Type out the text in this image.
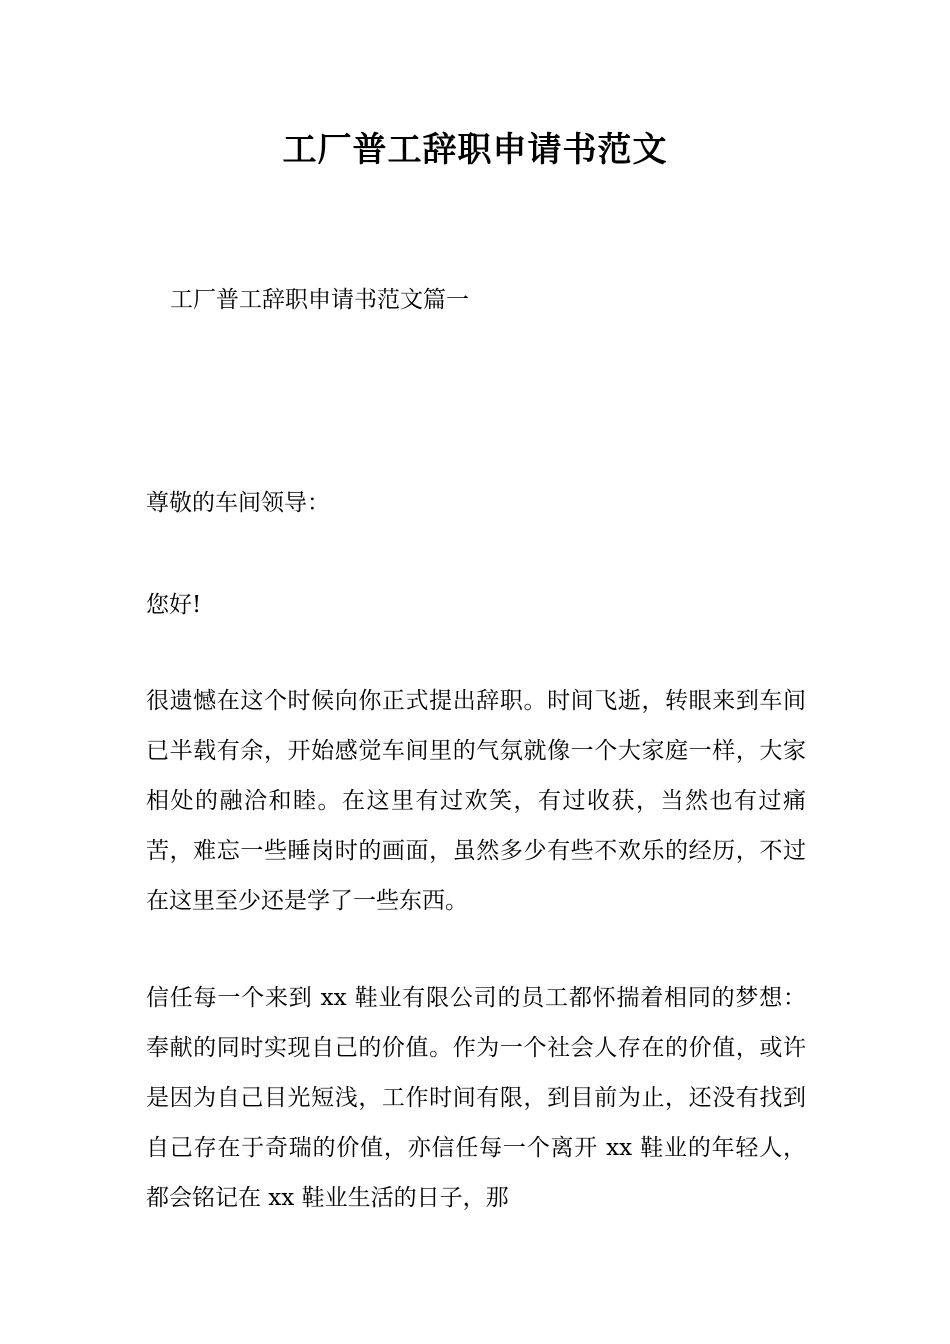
工厂普工辞职申请书范文

工厂普工辞职申请书范文篇一

尊敬的车间领导：

您好!

很遗憾在这个时候向你正式提出辞职。时间飞逝，转眼来到车间已半载有余，开始感觉车间里的气氛就像一个大家庭一样，大家相处的融洽和睦。在这里有过欢笑，有过收获，当然也有过痛苦，难忘一些睡岗时的画面，虽然多少有些不欢乐的经历，不过在这里至少还是学了一些东西。

信任每一个来到 xx 鞋业有限公司的员工都怀揣着相同的梦想：奉献的同时实现自己的价值。作为一个社会人存在的价值，或许是因为自己目光短浅，工作时间有限，到目前为止，还没有找到自己存在于奇瑞的价值，亦信任每一个离开 xx 鞋业的年轻人，都会铭记在 xx 鞋业生活的日子，那
